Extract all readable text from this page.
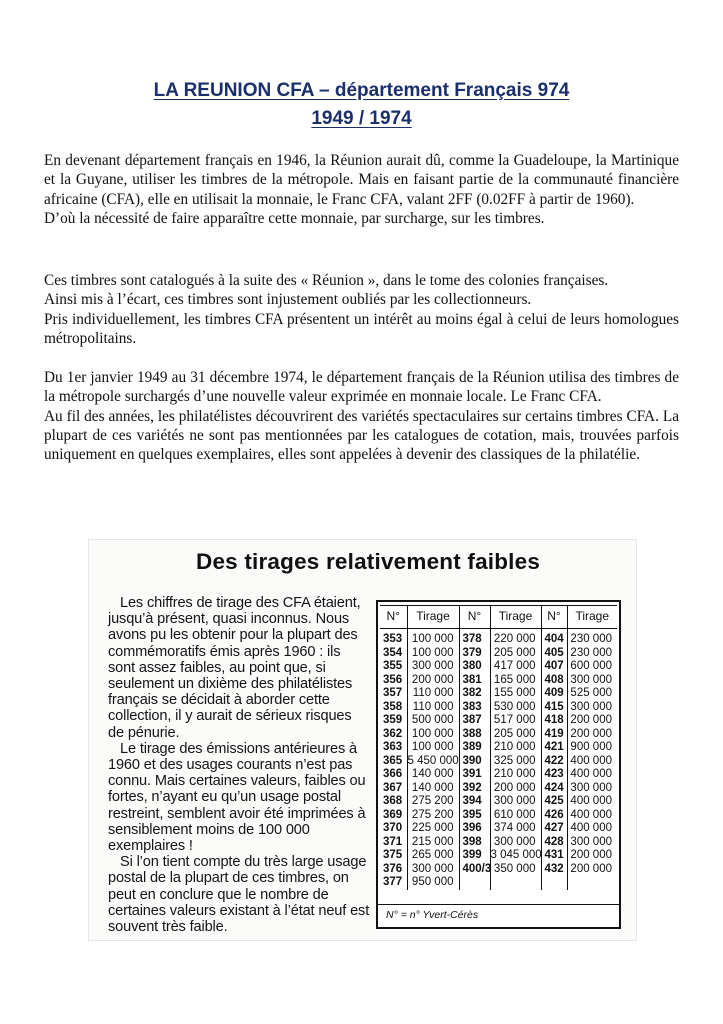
LA REUNION CFA – département Français 974
1949 / 1974
En devenant département français en 1946, la Réunion aurait dû, comme la Guadeloupe, la Martinique et la Guyane, utiliser les timbres de la métropole. Mais en faisant partie de la communauté financière africaine (CFA), elle en utilisait la monnaie, le Franc CFA, valant 2FF (0.02FF à partir de 1960).
D’où la nécessité de faire apparaître cette monnaie, par surcharge, sur les timbres.
Ces timbres sont catalogués à la suite des « Réunion », dans le tome des colonies françaises.
Ainsi mis à l’écart, ces timbres sont injustement oubliés par les collectionneurs.
Pris individuellement, les timbres CFA présentent un intérêt au moins égal à celui de leurs homologues métropolitains.
Du 1er janvier 1949 au 31 décembre 1974, le département français de la Réunion utilisa des timbres de la métropole surchargés d’une nouvelle valeur exprimée en monnaie locale. Le Franc CFA.
Au fil des années, les philatélistes découvrirent des variétés spectaculaires sur certains timbres CFA. La plupart de ces variétés ne sont pas mentionnées par les catalogues de cotation, mais, trouvées parfois uniquement en quelques exemplaires, elles sont appelées à devenir des classiques de la philatélie.
Des tirages relativement faibles

Les chiffres de tirage des CFA étaient, jusqu’à présent, quasi inconnus. Nous avons pu les obtenir pour la plupart des commémoratifs émis après 1960 : ils sont assez faibles, au point que, si seulement un dixième des philatélistes français se décidait à aborder cette collection, il y aurait de sérieux risques de pénurie.

Le tirage des émissions antérieures à 1960 et des usages courants n’est pas connu. Mais certaines valeurs, faibles ou fortes, n’ayant eu qu’un usage postal restreint, semblent avoir été imprimées à sensiblement moins de 100 000 exemplaires !

Si l’on tient compte du très large usage postal de la plupart de ces timbres, on peut en conclure que le nombre de certaines valeurs existant à l’état neuf est souvent très faible.

N°	Tirage	N°	Tirage	N°	Tirage

353	100 000	378	220 000	404	230 000
354	100 000	379	205 000	405	230 000
355	300 000	380	417 000	407	600 000
356	200 000	381	165 000	408	300 000
357	110 000	382	155 000	409	525 000
358	110 000	383	530 000	415	300 000
359	500 000	387	517 000	418	200 000
362	100 000	388	205 000	419	200 000
363	100 000	389	210 000	421	900 000
365	5 450 000	390	325 000	422	400 000
366	140 000	391	210 000	423	400 000
367	140 000	392	200 000	424	300 000
368	275 200	394	300 000	425	400 000
369	275 200	395	610 000	426	400 000
370	225 000	396	374 000	427	400 000
371	215 000	398	300 000	428	300 000
375	265 000	399	3 045 000	431	200 000
376	300 000	400/3	350 000	432	200 000
377	950 000				
N° = n° Yvert-Cérès
